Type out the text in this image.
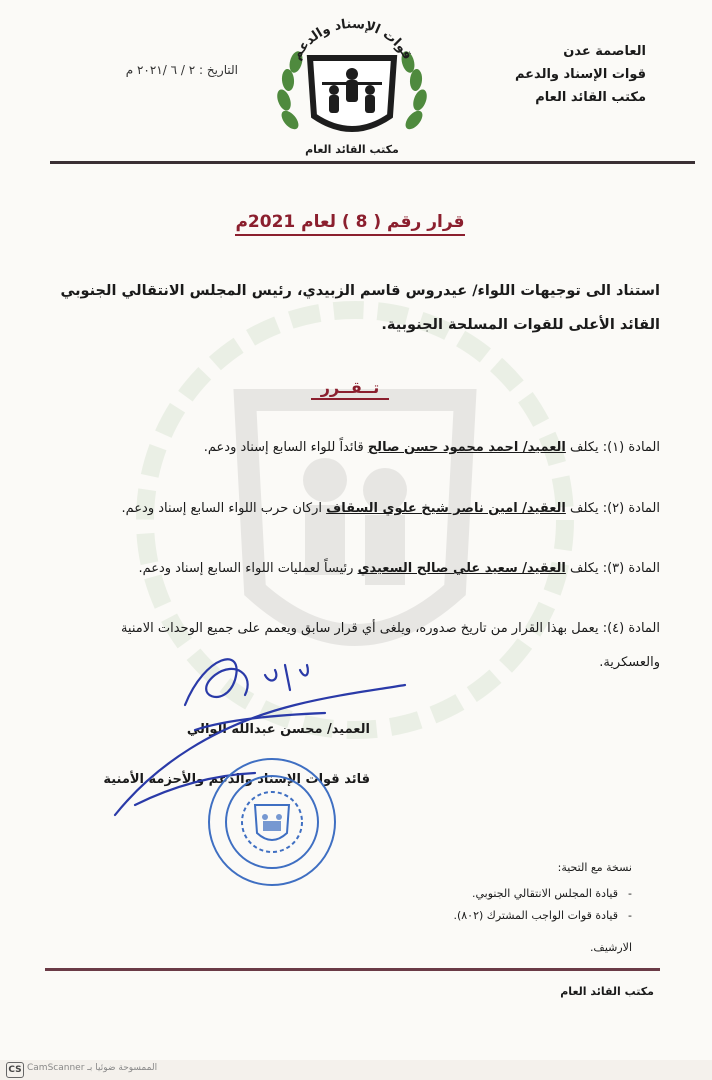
العاصمة عدن
قوات الإسناد والدعم
مكتب القائد العام
التاريخ : ٢ / ٦ /٢٠٢١ م
قوات الإسناد والدعم
مكتب القائد العام
قرار رقم ( 8 ) لعام 2021م
استناد الى توجيهات اللواء/ عيدروس قاسم الزبيدي، رئيس المجلس الانتقالي الجنوبي
القائد الأعلى للقوات المسلحة الجنوبية.
تــقــرر
المادة (١): يكلف العميد/ احمد محمود حسن صالح قائداً للواء السابع إسناد ودعم.
المادة (٢): يكلف العقيد/ امين ناصر شيخ علوي السقاف اركان حرب اللواء السابع إسناد ودعم.
المادة (٣): يكلف العقيد/ سعيد علي صالح السعيدي رئيساً لعمليات اللواء السابع إسناد ودعم.
المادة (٤): يعمل بهذا القرار من تاريخ صدوره، ويلغى أي قرار سابق ويعمم على جميع الوحدات الامنية
والعسكرية.
العميد/ محسن عبدالله الوالي
قائد قوات الإسناد والدعم والأحزمة الأمنية
نسخة مع التحية:
-قيادة المجلس الانتقالي الجنوبي.
-قيادة قوات الواجب المشترك (٨٠٢).
الارشيف.
مكتب القائد العام
CS CamScanner الممسوحة ضوئيا بـ
